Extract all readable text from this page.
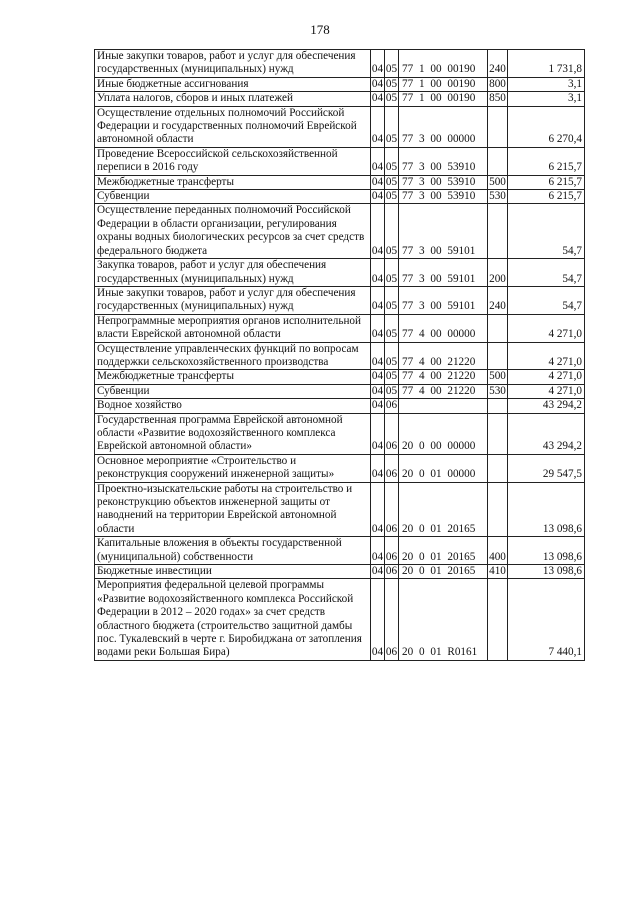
178
Иные закупки товаров, работ и услуг для обеспечения государственных (муниципальных) нужд	04	05	77 1 00 00190	240	1 731,8
Иные бюджетные ассигнования	04	05	77 1 00 00190	800	3,1
Уплата налогов, сборов и иных платежей	04	05	77 1 00 00190	850	3,1
Осуществление отдельных полномочий Российской Федерации и государственных полномочий Еврейской автономной области	04	05	77 3 00 00000		6 270,4
Проведение Всероссийской сельскохозяйственной переписи в 2016 году	04	05	77 3 00 53910		6 215,7
Межбюджетные трансферты	04	05	77 3 00 53910	500	6 215,7
Субвенции	04	05	77 3 00 53910	530	6 215,7
Осуществление переданных полномочий Российской Федерации в области организации, регулирования охраны водных биологических ресурсов за счет средств федерального бюджета	04	05	77 3 00 59101		54,7
Закупка товаров, работ и услуг для обеспечения государственных (муниципальных) нужд	04	05	77 3 00 59101	200	54,7
Иные закупки товаров, работ и услуг для обеспечения государственных (муниципальных) нужд	04	05	77 3 00 59101	240	54,7
Непрограммные мероприятия органов исполнительной власти Еврейской автономной области	04	05	77 4 00 00000		4 271,0
Осуществление управленческих функций по вопросам поддержки сельскохозяйственного производства	04	05	77 4 00 21220		4 271,0
Межбюджетные трансферты	04	05	77 4 00 21220	500	4 271,0
Субвенции	04	05	77 4 00 21220	530	4 271,0
Водное хозяйство	04	06			43 294,2
Государственная программа Еврейской автономной области «Развитие водохозяйственного комплекса Еврейской автономной области»	04	06	20 0 00 00000		43 294,2
Основное мероприятие «Строительство и реконструкция сооружений инженерной защиты»	04	06	20 0 01 00000		29 547,5
Проектно-изыскательские работы на строительство и реконструкцию объектов инженерной защиты от наводнений на территории Еврейской автономной области	04	06	20 0 01 20165		13 098,6
Капитальные вложения в объекты государственной (муниципальной) собственности	04	06	20 0 01 20165	400	13 098,6
Бюджетные инвестиции	04	06	20 0 01 20165	410	13 098,6
Мероприятия федеральной целевой программы «Развитие водохозяйственного комплекса Российской Федерации в 2012 – 2020 годах» за счет средств областного бюджета (строительство защитной дамбы пос. Тукалевский в черте г. Биробиджана от затопления водами реки Большая Бира)	04	06	20 0 01 R0161		7 440,1
